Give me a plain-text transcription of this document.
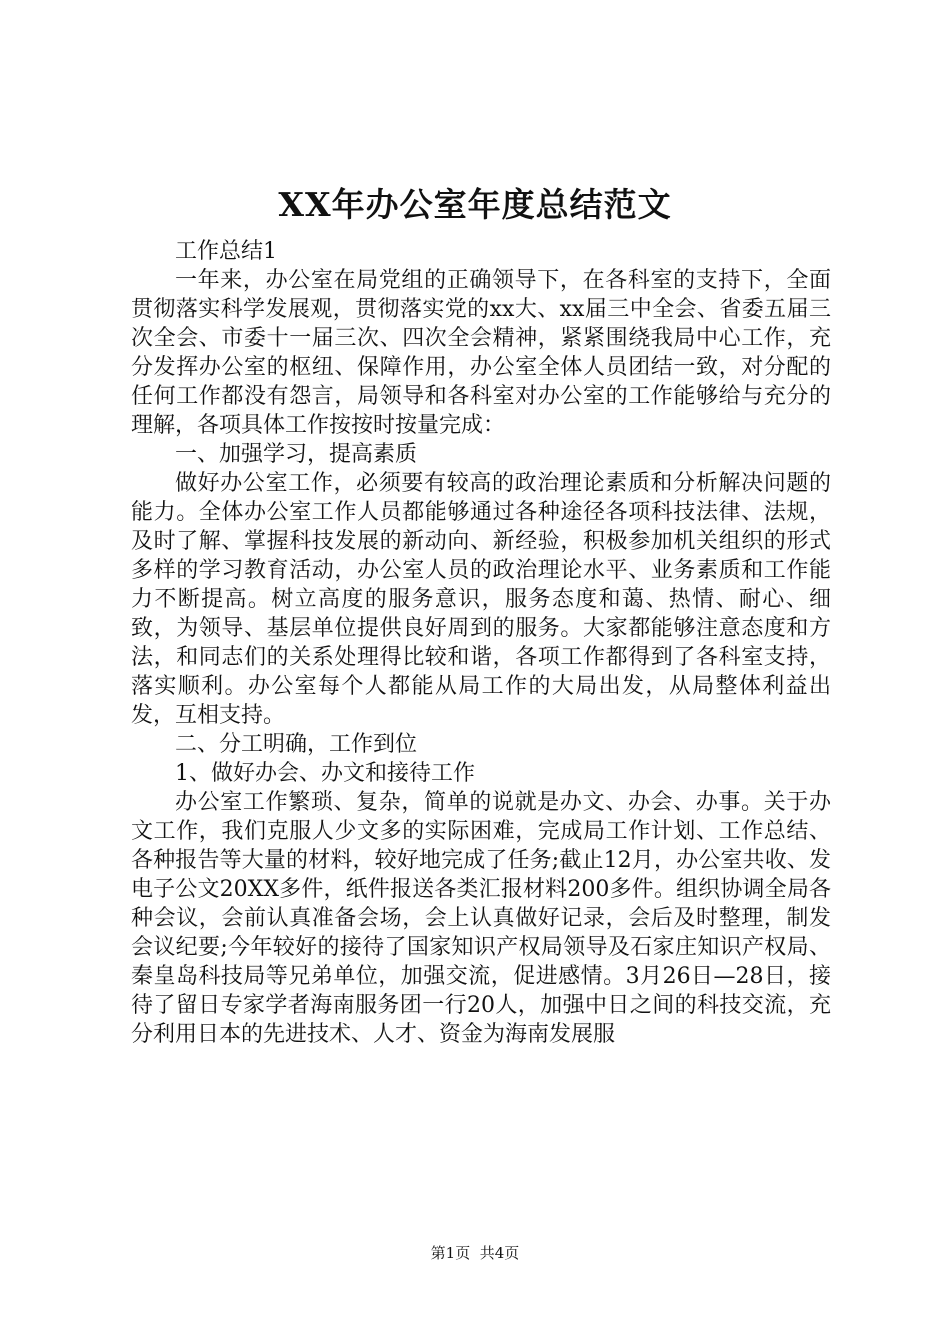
XX年办公室年度总结范文

工作总结1

一年来，办公室在局党组的正确领导下，在各科室的支持下，全面贯彻落实科学发展观，贯彻落实党的xx大、xx届三中全会、省委五届三次全会、市委十一届三次、四次全会精神，紧紧围绕我局中心工作，充分发挥办公室的枢纽、保障作用，办公室全体人员团结一致，对分配的任何工作都没有怨言，局领导和各科室对办公室的工作能够给与充分的理解，各项具体工作按按时按量完成：

一、加强学习，提高素质

做好办公室工作，必须要有较高的政治理论素质和分析解决问题的能力。全体办公室工作人员都能够通过各种途径各项科技法律、法规，及时了解、掌握科技发展的新动向、新经验，积极参加机关组织的形式多样的学习教育活动，办公室人员的政治理论水平、业务素质和工作能力不断提高。树立高度的服务意识，服务态度和蔼、热情、耐心、细致，为领导、基层单位提供良好周到的服务。大家都能够注意态度和方法，和同志们的关系处理得比较和谐，各项工作都得到了各科室支持，落实顺利。办公室每个人都能从局工作的大局出发，从局整体利益出发，互相支持。

二、分工明确，工作到位

1、做好办会、办文和接待工作

办公室工作繁琐、复杂，简单的说就是办文、办会、办事。关于办文工作，我们克服人少文多的实际困难，完成局工作计划、工作总结、各种报告等大量的材料，较好地完成了任务;截止12月，办公室共收、发电子公文20XX多件，纸件报送各类汇报材料200多件。组织协调全局各种会议，会前认真准备会场，会上认真做好记录，会后及时整理，制发会议纪要;今年较好的接待了国家知识产权局领导及石家庄知识产权局、秦皇岛科技局等兄弟单位，加强交流，促进感情。3月26日—28日，接待了留日专家学者海南服务团一行20人，加强中日之间的科技交流，充分利用日本的先进技术、人才、资金为海南发展服

第1页 共4页
